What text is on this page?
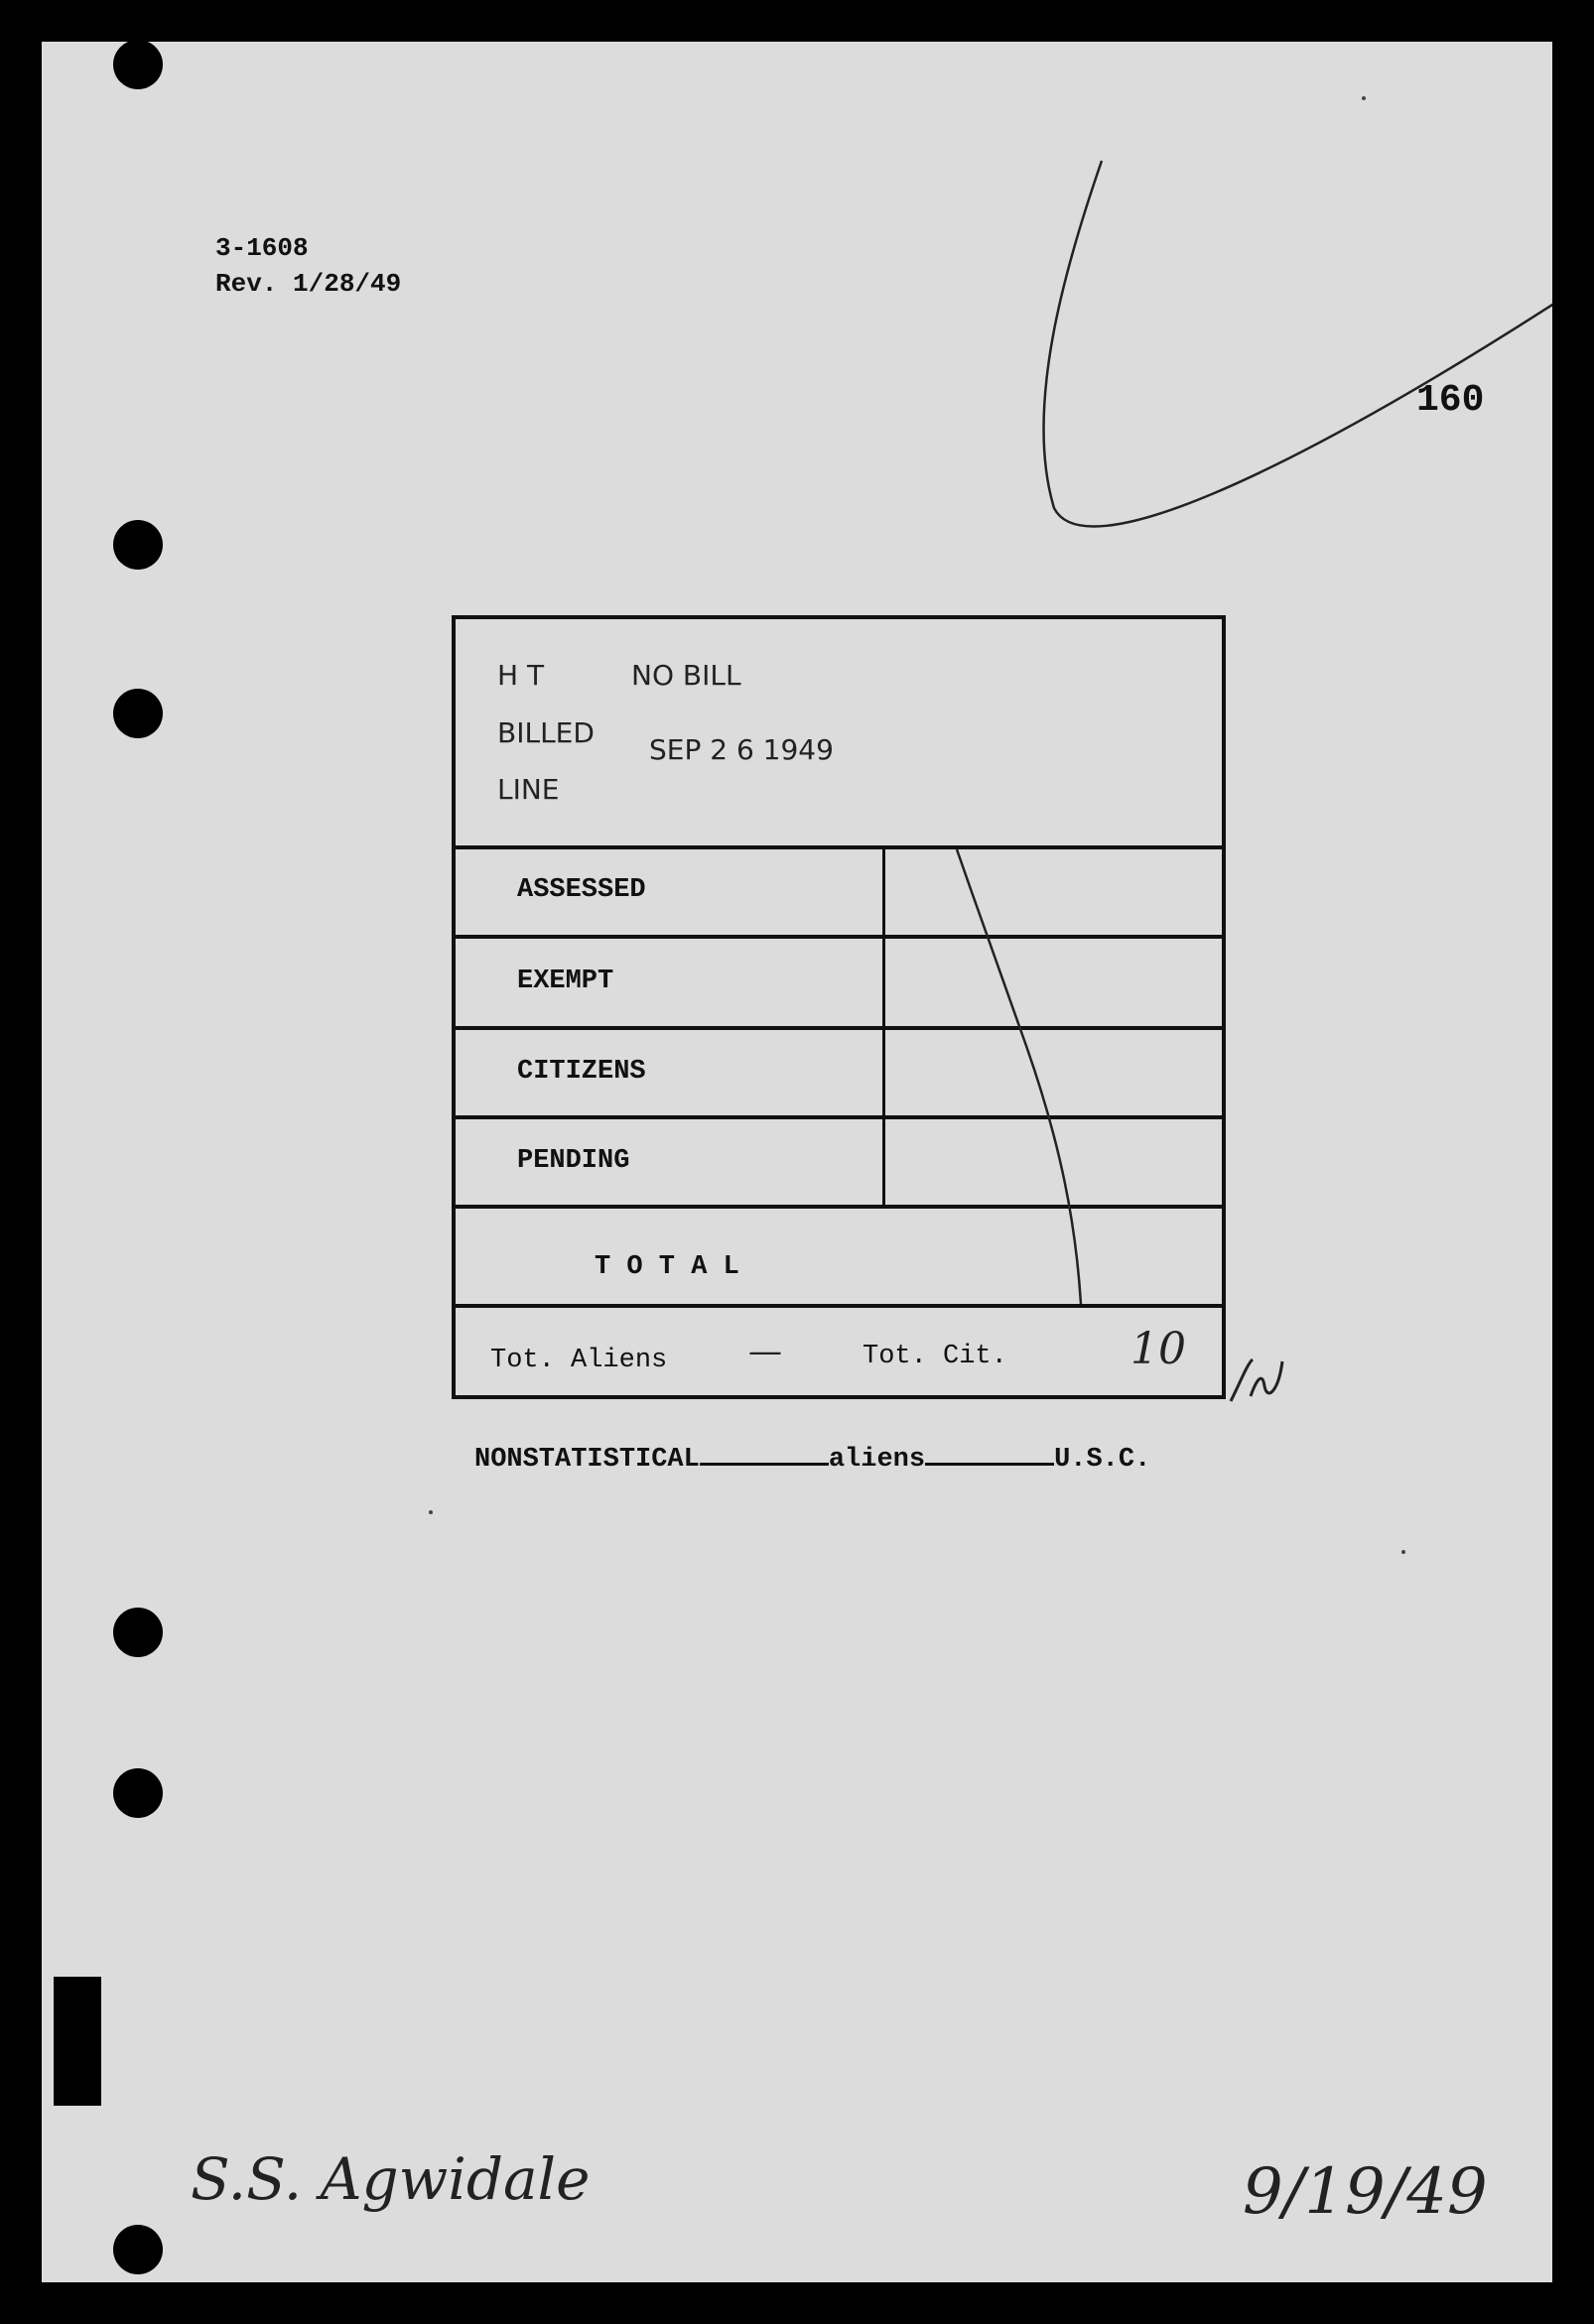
3-1608
Rev. 1/28/49
160
H T	NO BILL
BILLED
SEP 2 6 1949
LINE
ASSESSED
EXEMPT
CITIZENS
PENDING
T O T A L
Tot. Aliens —	Tot. Cit.	10
NONSTATISTICAL	aliens	U.S.C.
S.S. Agwidale	9/19/49
